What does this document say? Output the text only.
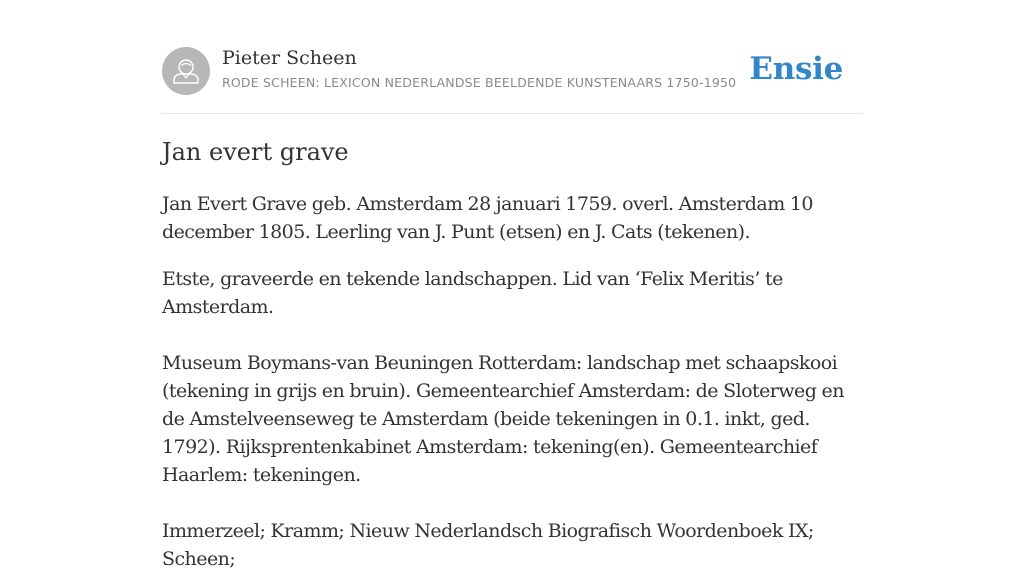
Pieter Scheen
RODE SCHEEN: LEXICON NEDERLANDSE BEELDENDE KUNSTENAARS 1750-1950 Ensie
Jan evert grave

Jan Evert Grave geb. Amsterdam 28 januari 1759. overl. Amsterdam 10 december 1805. Leerling van J. Punt (etsen) en J. Cats (tekenen).

Etste, graveerde en tekende landschappen. Lid van ‘Felix Meritis’ te Amsterdam.

Museum Boymans-van Beuningen Rotterdam: landschap met schaapskooi (tekening in grijs en bruin). Gemeentearchief Amsterdam: de Sloterweg en de Amstelveenseweg te Amsterdam (beide tekeningen in 0.1. inkt, ged. 1792). Rijksprentenkabinet Amsterdam: tekening(en). Gemeentearchief Haarlem: tekeningen.

Immerzeel; Kramm; Nieuw Nederlandsch Biografisch Woordenboek IX; Scheen;
